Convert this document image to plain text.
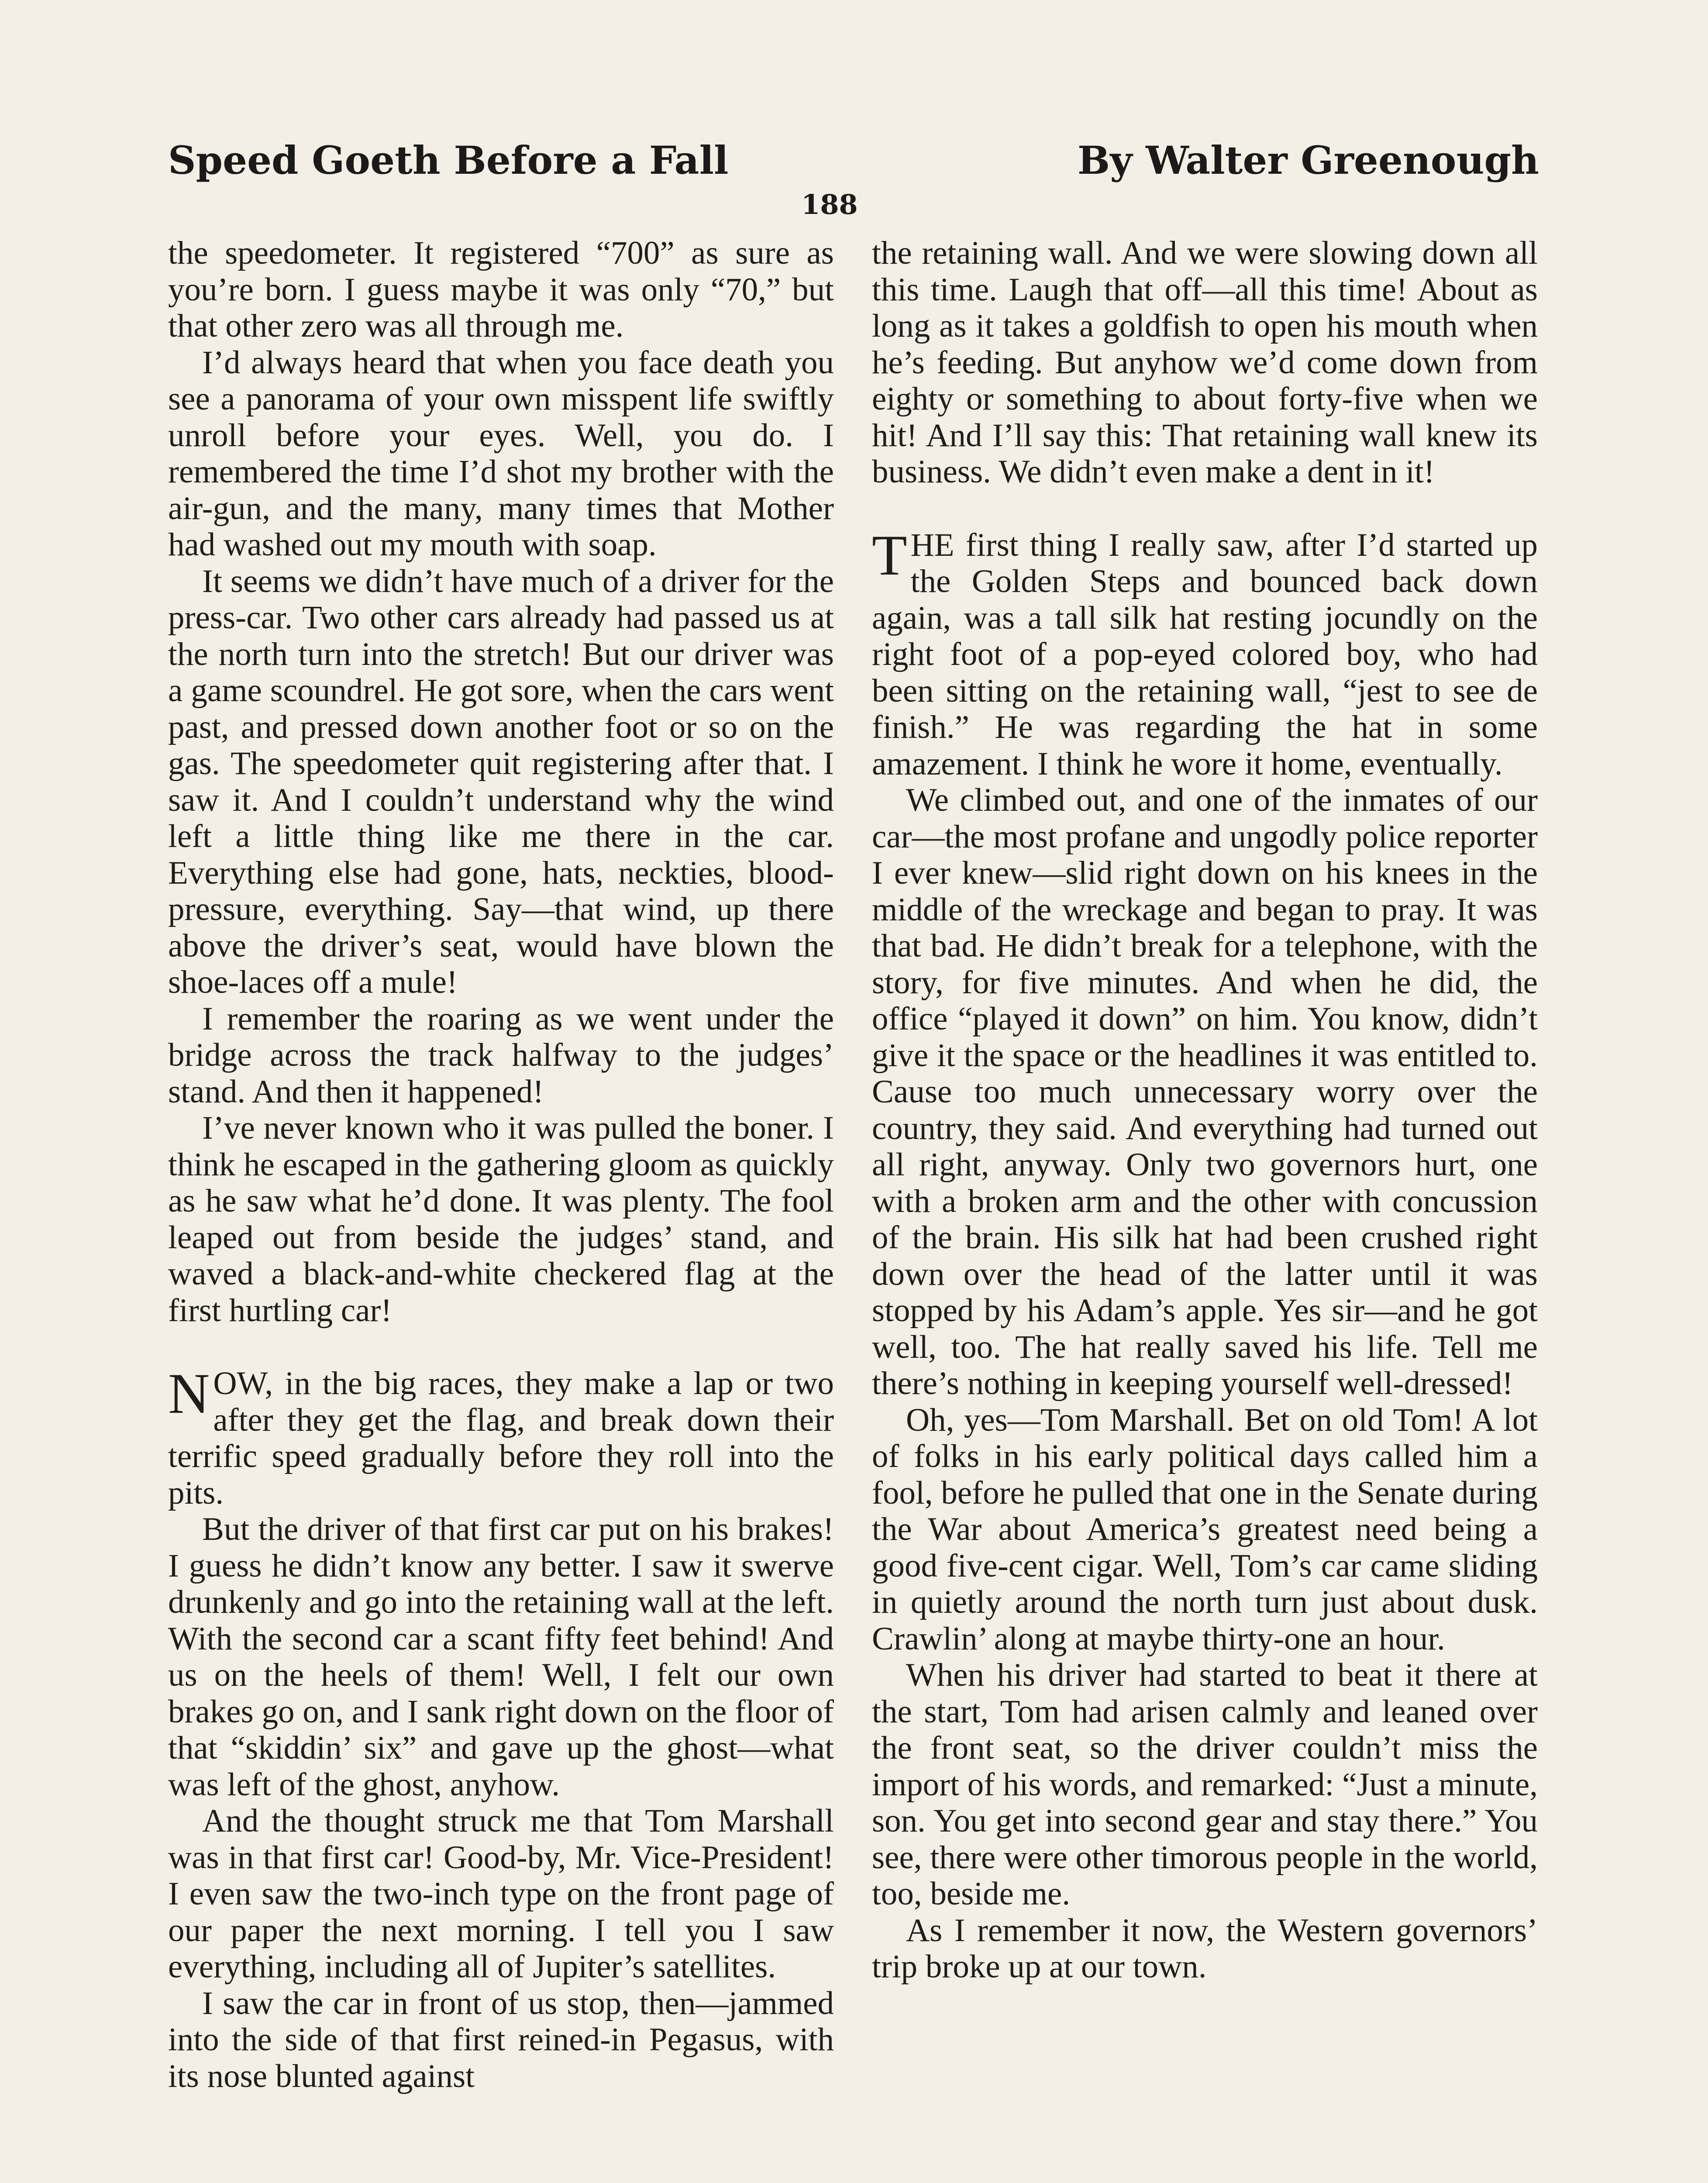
Speed Goeth Before a Fall	By Walter Greenough
188

the speedometer. It registered “700” as sure as you’re born. I guess maybe it was only “70,” but that other zero was all through me.

I’d always heard that when you face death you see a panorama of your own misspent life swiftly unroll before your eyes. Well, you do. I remembered the time I’d shot my brother with the air-gun, and the many, many times that Mother had washed out my mouth with soap.

It seems we didn’t have much of a driver for the press-car. Two other cars already had passed us at the north turn into the stretch! But our driver was a game scoundrel. He got sore, when the cars went past, and pressed down another foot or so on the gas. The speedometer quit registering after that. I saw it. And I couldn’t understand why the wind left a little thing like me there in the car. Everything else had gone, hats, neckties, blood-pressure, everything. Say—that wind, up there above the driver’s seat, would have blown the shoe-laces off a mule!

I remember the roaring as we went under the bridge across the track halfway to the judges’ stand. And then it happened!

I’ve never known who it was pulled the boner. I think he escaped in the gathering gloom as quickly as he saw what he’d done. It was plenty. The fool leaped out from beside the judges’ stand, and waved a black-and-white checkered flag at the first hurtling car!

NOW, in the big races, they make a lap or two after they get the flag, and break down their terrific speed gradually before they roll into the pits.

But the driver of that first car put on his brakes! I guess he didn’t know any better. I saw it swerve drunkenly and go into the retaining wall at the left. With the second car a scant fifty feet behind! And us on the heels of them! Well, I felt our own brakes go on, and I sank right down on the floor of that “skiddin’ six” and gave up the ghost—what was left of the ghost, anyhow.

And the thought struck me that Tom Marshall was in that first car! Good-by, Mr. Vice-President! I even saw the two-inch type on the front page of our paper the next morning. I tell you I saw everything, including all of Jupiter’s satellites.

I saw the car in front of us stop, then—jammed into the side of that first reined-in Pegasus, with its nose blunted against

the retaining wall. And we were slowing down all this time. Laugh that off—all this time! About as long as it takes a goldfish to open his mouth when he’s feeding. But anyhow we’d come down from eighty or something to about forty-five when we hit! And I’ll say this: That retaining wall knew its business. We didn’t even make a dent in it!

THE first thing I really saw, after I’d started up the Golden Steps and bounced back down again, was a tall silk hat resting jocundly on the right foot of a pop-eyed colored boy, who had been sitting on the retaining wall, “jest to see de finish.” He was regarding the hat in some amazement. I think he wore it home, eventually.

We climbed out, and one of the inmates of our car—the most profane and ungodly police reporter I ever knew—slid right down on his knees in the middle of the wreckage and began to pray. It was that bad. He didn’t break for a telephone, with the story, for five minutes. And when he did, the office “played it down” on him. You know, didn’t give it the space or the headlines it was entitled to. Cause too much unnecessary worry over the country, they said. And everything had turned out all right, anyway. Only two governors hurt, one with a broken arm and the other with concussion of the brain. His silk hat had been crushed right down over the head of the latter until it was stopped by his Adam’s apple. Yes sir—and he got well, too. The hat really saved his life. Tell me there’s nothing in keeping yourself well-dressed!

Oh, yes—Tom Marshall. Bet on old Tom! A lot of folks in his early political days called him a fool, before he pulled that one in the Senate during the War about America’s greatest need being a good five-cent cigar. Well, Tom’s car came sliding in quietly around the north turn just about dusk. Crawlin’ along at maybe thirty-one an hour.

When his driver had started to beat it there at the start, Tom had arisen calmly and leaned over the front seat, so the driver couldn’t miss the import of his words, and remarked: “Just a minute, son. You get into second gear and stay there.” You see, there were other timorous people in the world, too, beside me.

As I remember it now, the Western governors’ trip broke up at our town.
